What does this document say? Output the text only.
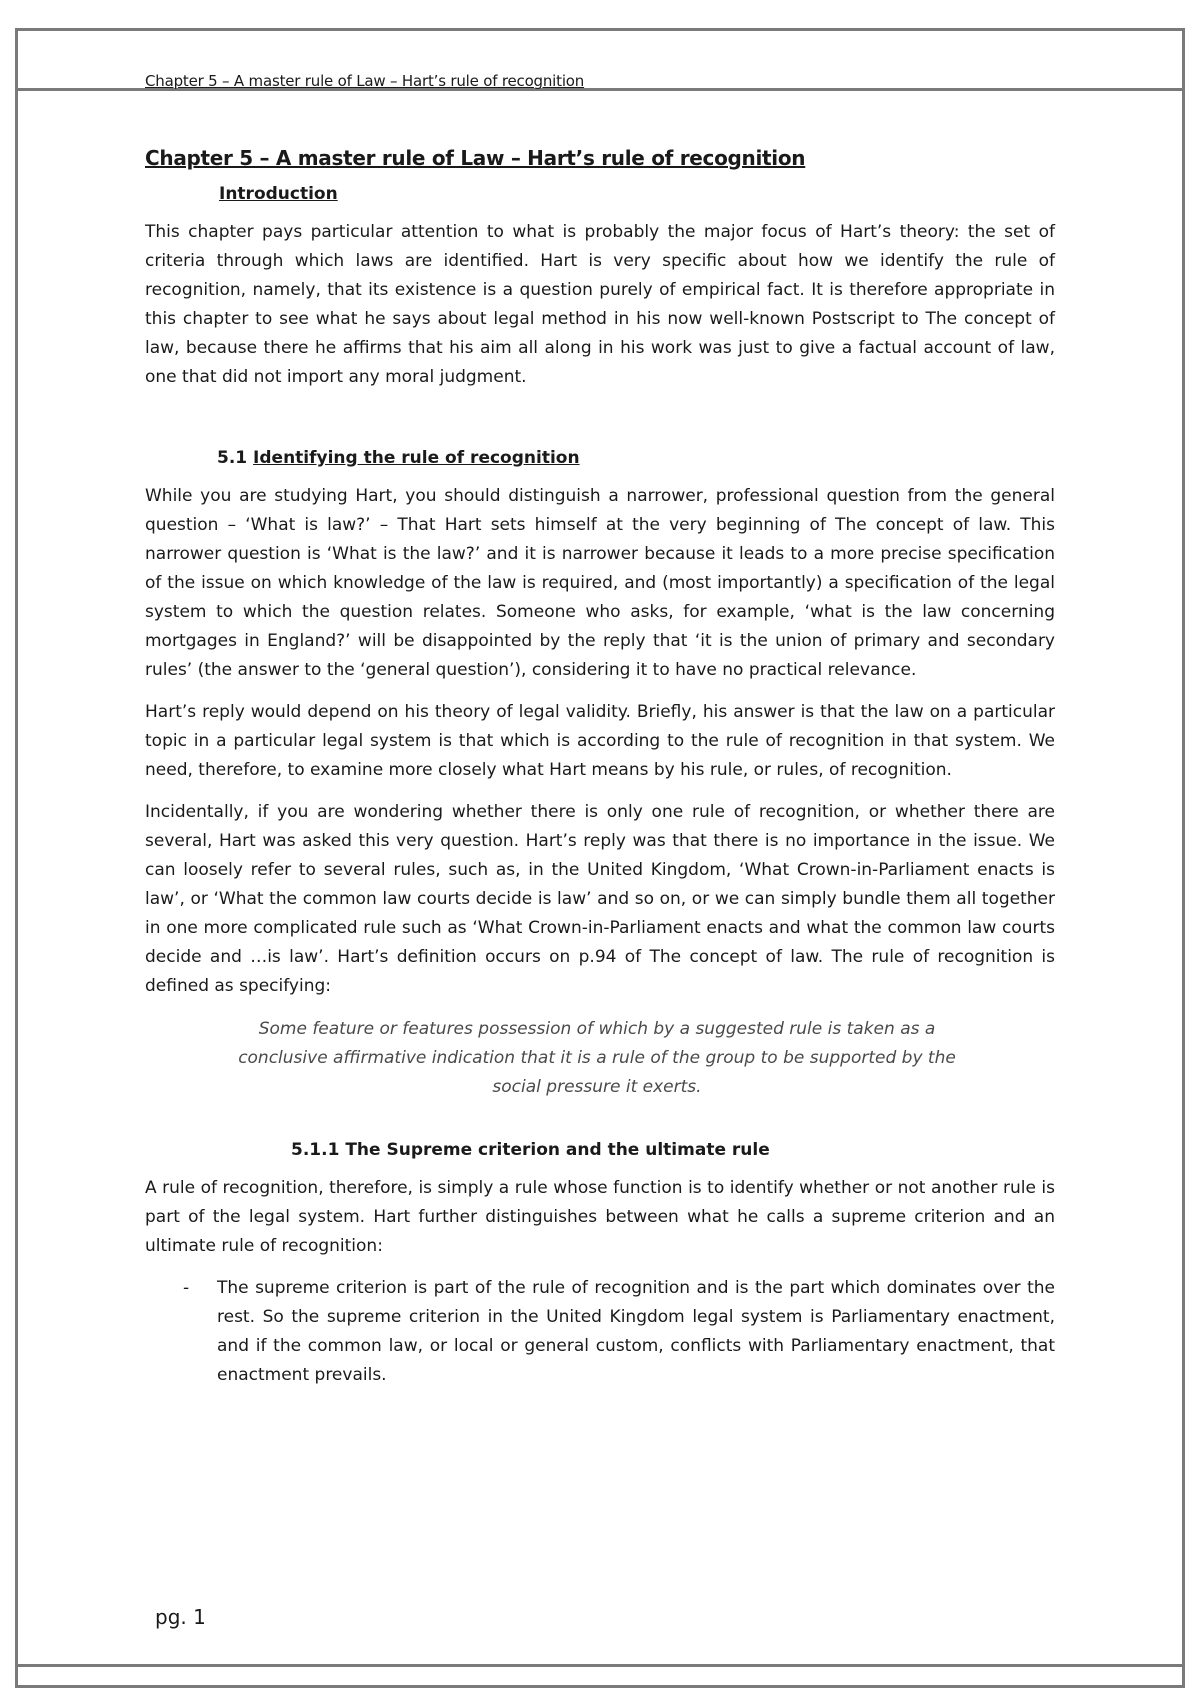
Chapter 5 – A master rule of Law – Hart’s rule of recognition
Chapter 5 – A master rule of Law – Hart’s rule of recognition
Introduction

This chapter pays particular attention to what is probably the major focus of Hart’s theory: the set of criteria through which laws are identified. Hart is very specific about how we identify the rule of recognition, namely, that its existence is a question purely of empirical fact. It is therefore appropriate in this chapter to see what he says about legal method in his now well-known Postscript to The concept of law, because there he affirms that his aim all along in his work was just to give a factual account of law, one that did not import any moral judgment.

5.1 Identifying the rule of recognition

While you are studying Hart, you should distinguish a narrower, professional question from the general question – ‘What is law?’ – That Hart sets himself at the very beginning of The concept of law. This narrower question is ‘What is the law?’ and it is narrower because it leads to a more precise specification of the issue on which knowledge of the law is required, and (most importantly) a specification of the legal system to which the question relates. Someone who asks, for example, ‘what is the law concerning mortgages in England?’ will be disappointed by the reply that ‘it is the union of primary and secondary rules’ (the answer to the ‘general question’), considering it to have no practical relevance.

Hart’s reply would depend on his theory of legal validity. Briefly, his answer is that the law on a particular topic in a particular legal system is that which is according to the rule of recognition in that system. We need, therefore, to examine more closely what Hart means by his rule, or rules, of recognition.

Incidentally, if you are wondering whether there is only one rule of recognition, or whether there are several, Hart was asked this very question. Hart’s reply was that there is no importance in the issue. We can loosely refer to several rules, such as, in the United Kingdom, ‘What Crown-in-Parliament enacts is law’, or ‘What the common law courts decide is law’ and so on, or we can simply bundle them all together in one more complicated rule such as ‘What Crown-in-Parliament enacts and what the common law courts decide and …is law’. Hart’s definition occurs on p.94 of The concept of law. The rule of recognition is defined as specifying:

Some feature or features possession of which by a suggested rule is taken as a conclusive affirmative indication that it is a rule of the group to be supported by the social pressure it exerts.
5.1.1 The Supreme criterion and the ultimate rule

A rule of recognition, therefore, is simply a rule whose function is to identify whether or not another rule is part of the legal system. Hart further distinguishes between what he calls a supreme criterion and an ultimate rule of recognition:

-	The supreme criterion is part of the rule of recognition and is the part which dominates over the rest. So the supreme criterion in the United Kingdom legal system is Parliamentary enactment, and if the common law, or local or general custom, conflicts with Parliamentary enactment, that enactment prevails.
pg. 1
